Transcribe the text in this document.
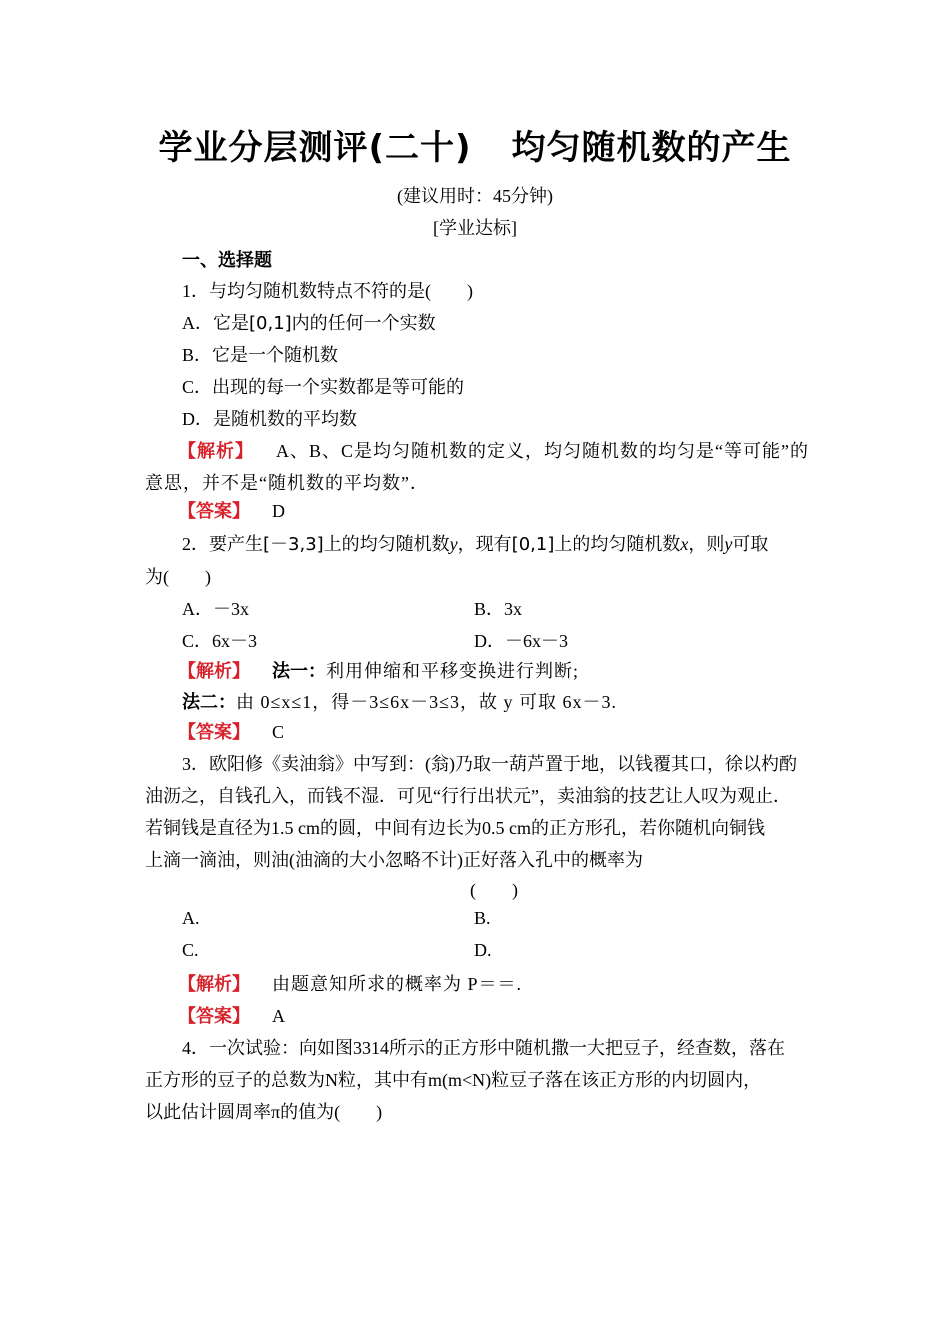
学业分层测评(二十) 均匀随机数的产生
(建议用时：45分钟)
[学业达标]
一、选择题
1．与均匀随机数特点不符的是(　　)
A．它是[0,1]内的任何一个实数
B．它是一个随机数
C．出现的每一个实数都是等可能的
D．是随机数的平均数
【解析】 A、B、C是均匀随机数的定义，均匀随机数的均匀是“等可能”的
意思，并不是“随机数的平均数”．
【答案】 D
2．要产生[－3,3]上的均匀随机数y，现有[0,1]上的均匀随机数x，则y可取
为(　　)
A．－3x	B．3x
C．6x－3	D．－6x－3
【解析】 法一：利用伸缩和平移变换进行判断;
法二：由 0≤x≤1，得－3≤6x－3≤3，故 y 可取 6x－3.
【答案】 C
3．欧阳修《卖油翁》中写到：(翁)乃取一葫芦置于地，以钱覆其口，徐以杓酌
油沥之，自钱孔入，而钱不湿．可见“行行出状元”，卖油翁的技艺让人叹为观止．
若铜钱是直径为1.5 cm的圆，中间有边长为0.5 cm的正方形孔，若你随机向铜钱
上滴一滴油，则油(油滴的大小忽略不计)正好落入孔中的概率为
(　　)
A.	B.
C.	D.
【解析】 由题意知所求的概率为 P＝＝.
【答案】 A
4．一次试验：向如图3314所示的正方形中随机撒一大把豆子，经查数，落在
正方形的豆子的总数为N粒，其中有m(m<N)粒豆子落在该正方形的内切圆内，
以此估计圆周率π的值为(　　)
